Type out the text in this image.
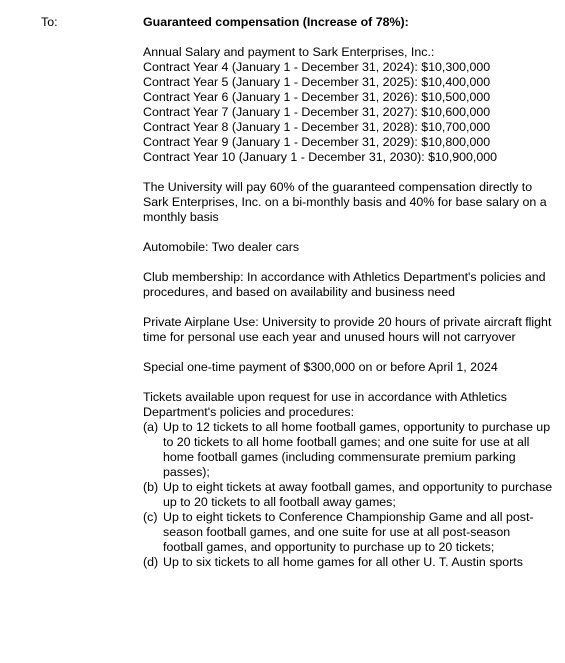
To:	Guaranteed compensation (Increase of 78%):

Annual Salary and payment to Sark Enterprises, Inc.:
Contract Year 4 (January 1 - December 31, 2024): $10,300,000
Contract Year 5 (January 1 - December 31, 2025): $10,400,000
Contract Year 6 (January 1 - December 31, 2026): $10,500,000
Contract Year 7 (January 1 - December 31, 2027): $10,600,000
Contract Year 8 (January 1 - December 31, 2028): $10,700,000
Contract Year 9 (January 1 - December 31, 2029): $10,800,000
Contract Year 10 (January 1 - December 31, 2030): $10,900,000

The University will pay 60% of the guaranteed compensation directly to Sark Enterprises, Inc. on a bi-monthly basis and 40% for base salary on a monthly basis

Automobile: Two dealer cars

Club membership: In accordance with Athletics Department's policies and procedures, and based on availability and business need

Private Airplane Use: University to provide 20 hours of private aircraft flight time for personal use each year and unused hours will not carryover

Special one-time payment of $300,000 on or before April 1, 2024

Tickets available upon request for use in accordance with Athletics Department's policies and procedures:
(a) Up to 12 tickets to all home football games, opportunity to purchase up to 20 tickets to all home football games; and one suite for use at all home football games (including commensurate premium parking passes);
(b) Up to eight tickets at away football games, and opportunity to purchase up to 20 tickets to all football away games;
(c) Up to eight tickets to Conference Championship Game and all post-season football games, and one suite for use at all post-season football games, and opportunity to purchase up to 20 tickets;
(d) Up to six tickets to all home games for all other U. T. Austin sports
